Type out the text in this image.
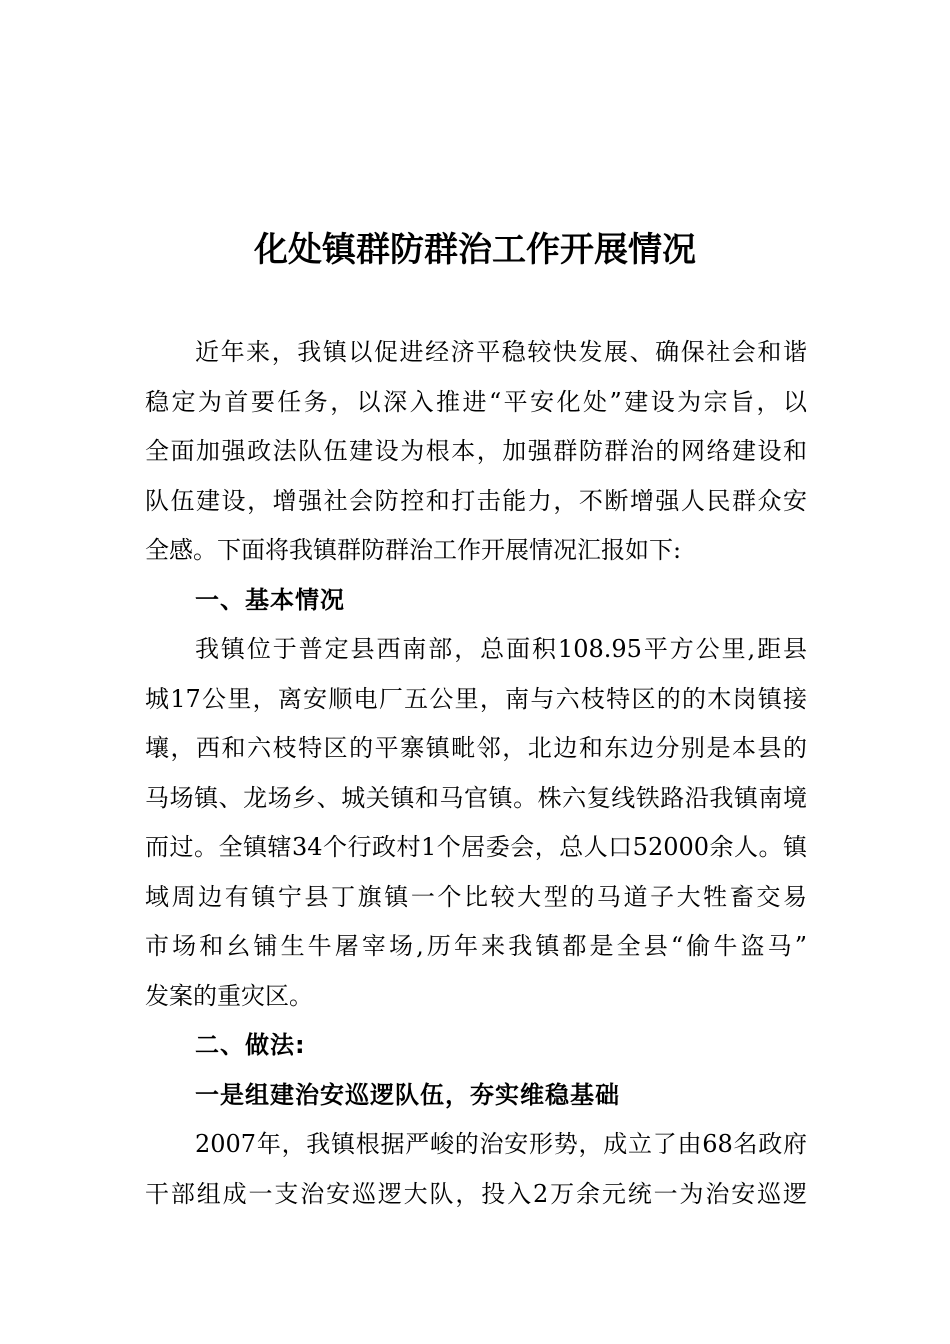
化处镇群防群治工作开展情况
近年来，我镇以促进经济平稳较快发展、确保社会和谐
稳定为首要任务，以深入推进“平安化处”建设为宗旨，以
全面加强政法队伍建设为根本，加强群防群治的网络建设和
队伍建设，增强社会防控和打击能力，不断增强人民群众安
全感。下面将我镇群防群治工作开展情况汇报如下:
一、基本情况
我镇位于普定县西南部，总面积108.95平方公里,距县
城17公里，离安顺电厂五公里，南与六枝特区的的木岗镇接
壤，西和六枝特区的平寨镇毗邻，北边和东边分别是本县的
马场镇、龙场乡、城关镇和马官镇。株六复线铁路沿我镇南境
而过。全镇辖34个行政村1个居委会，总人口52000余人。镇
域周边有镇宁县丁旗镇一个比较大型的马道子大牲畜交易
市场和幺铺生牛屠宰场,历年来我镇都是全县“偷牛盗马”
发案的重灾区。
二、做法:
一是组建治安巡逻队伍，夯实维稳基础
2007年，我镇根据严峻的治安形势，成立了由68名政府
干部组成一支治安巡逻大队，投入2万余元统一为治安巡逻
